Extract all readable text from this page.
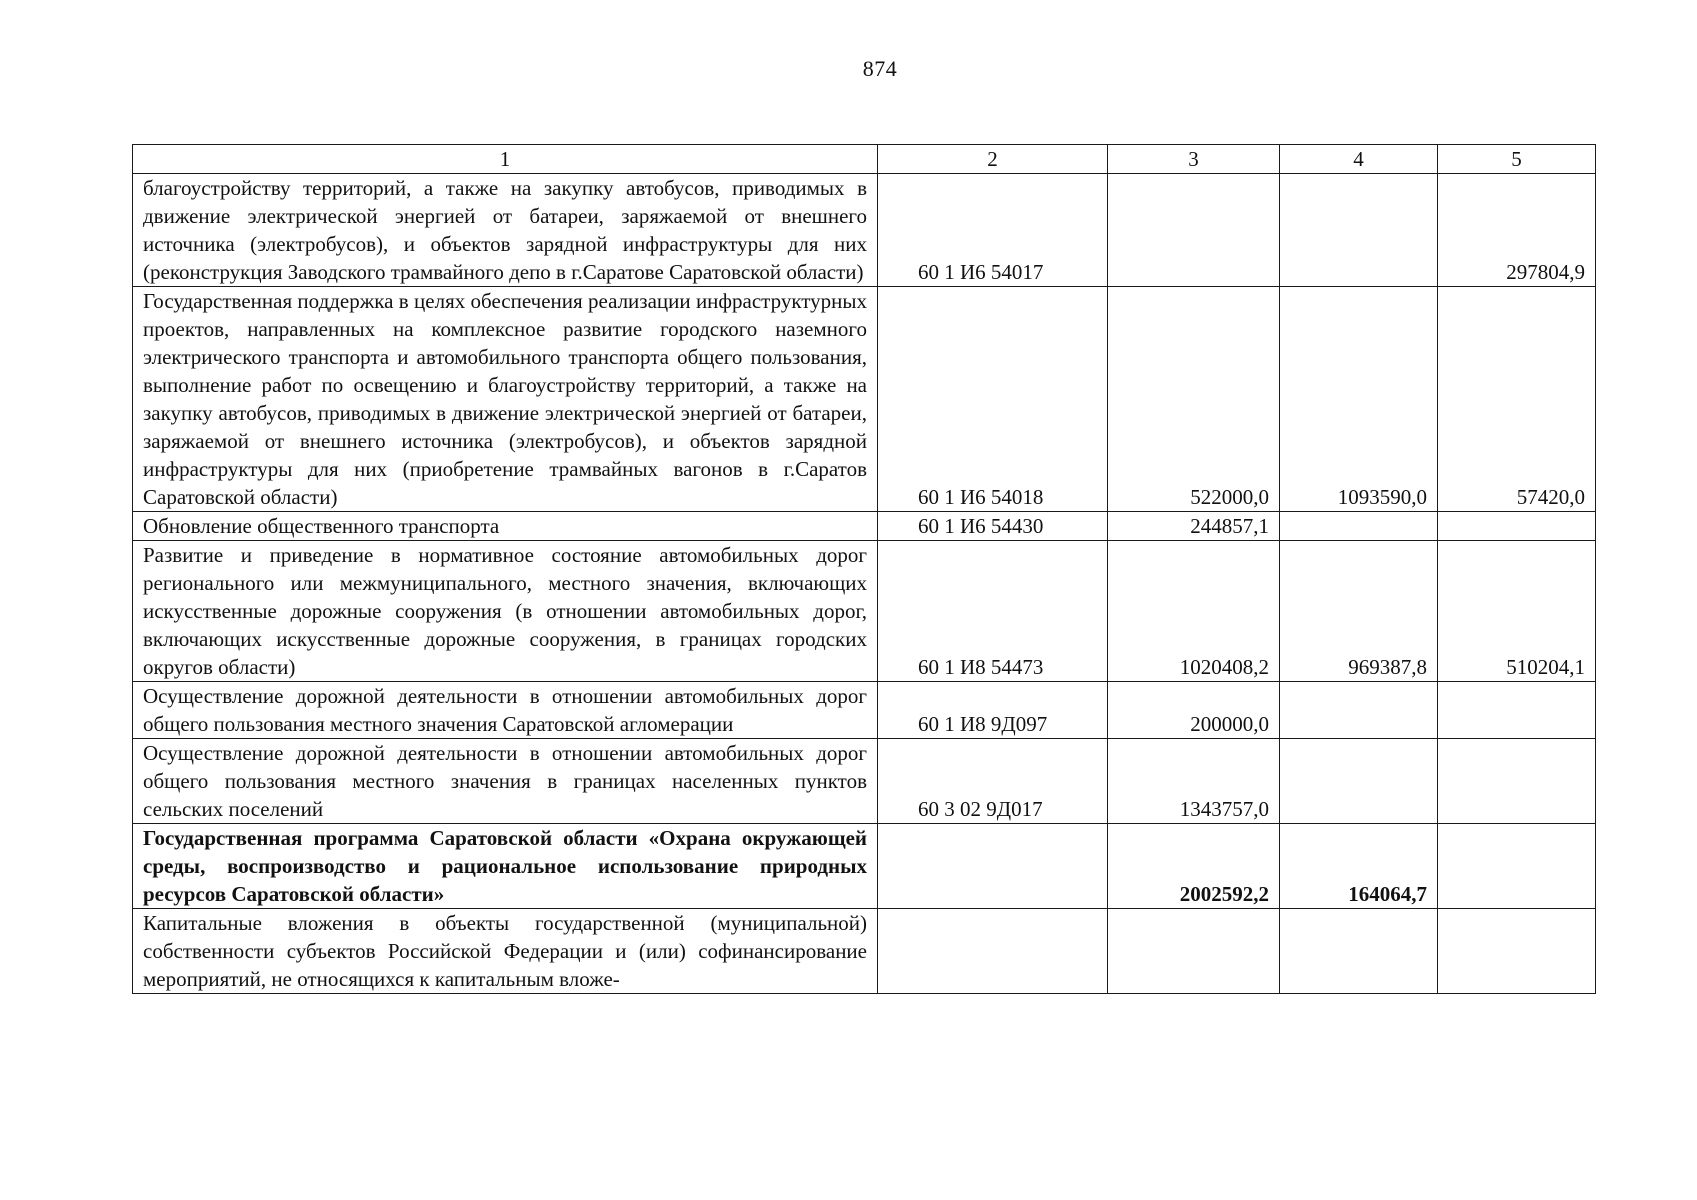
874
1	2	3	4	5
благоустройству территорий, а также на закупку автобусов, приводимых в движение электрической энергией от батареи, заряжаемой от внешнего источника (электробусов), и объектов зарядной инфраструктуры для них (реконструкция Заводского трамвайного депо в г.Саратове Саратовской области)	60 1 И6 54017			297804,9
Государственная поддержка в целях обеспечения реализации инфраструктурных проектов, направленных на комплексное развитие городского наземного электрического транспорта и автомобильного транспорта общего пользования, выполнение работ по освещению и благоустройству территорий, а также на закупку автобусов, приводимых в движение электрической энергией от батареи, заряжаемой от внешнего источника (электробусов), и объектов зарядной инфраструктуры для них (приобретение трамвайных вагонов в г.Саратов Саратовской области)	60 1 И6 54018	522000,0	1093590,0	57420,0
Обновление общественного транспорта	60 1 И6 54430	244857,1		
Развитие и приведение в нормативное состояние автомобильных дорог регионального или межмуниципального, местного значения, включающих искусственные дорожные сооружения (в отношении автомобильных дорог, включающих искусственные дорожные сооружения, в границах городских округов области)	60 1 И8 54473	1020408,2	969387,8	510204,1
Осуществление дорожной деятельности в отношении автомобильных дорог общего пользования местного значения Саратовской агломерации	60 1 И8 9Д097	200000,0		
Осуществление дорожной деятельности в отношении автомобильных дорог общего пользования местного значения в границах населенных пунктов сельских поселений	60 3 02 9Д017	1343757,0		
Государственная программа Саратовской области «Охрана окружающей среды, воспроизводство и рациональное использование природных ресурсов Саратовской области»		2002592,2	164064,7	
Капитальные вложения в объекты государственной (муниципальной) собственности субъектов Российской Федерации и (или) софинансирование мероприятий, не относящихся к капитальным вложе-				
